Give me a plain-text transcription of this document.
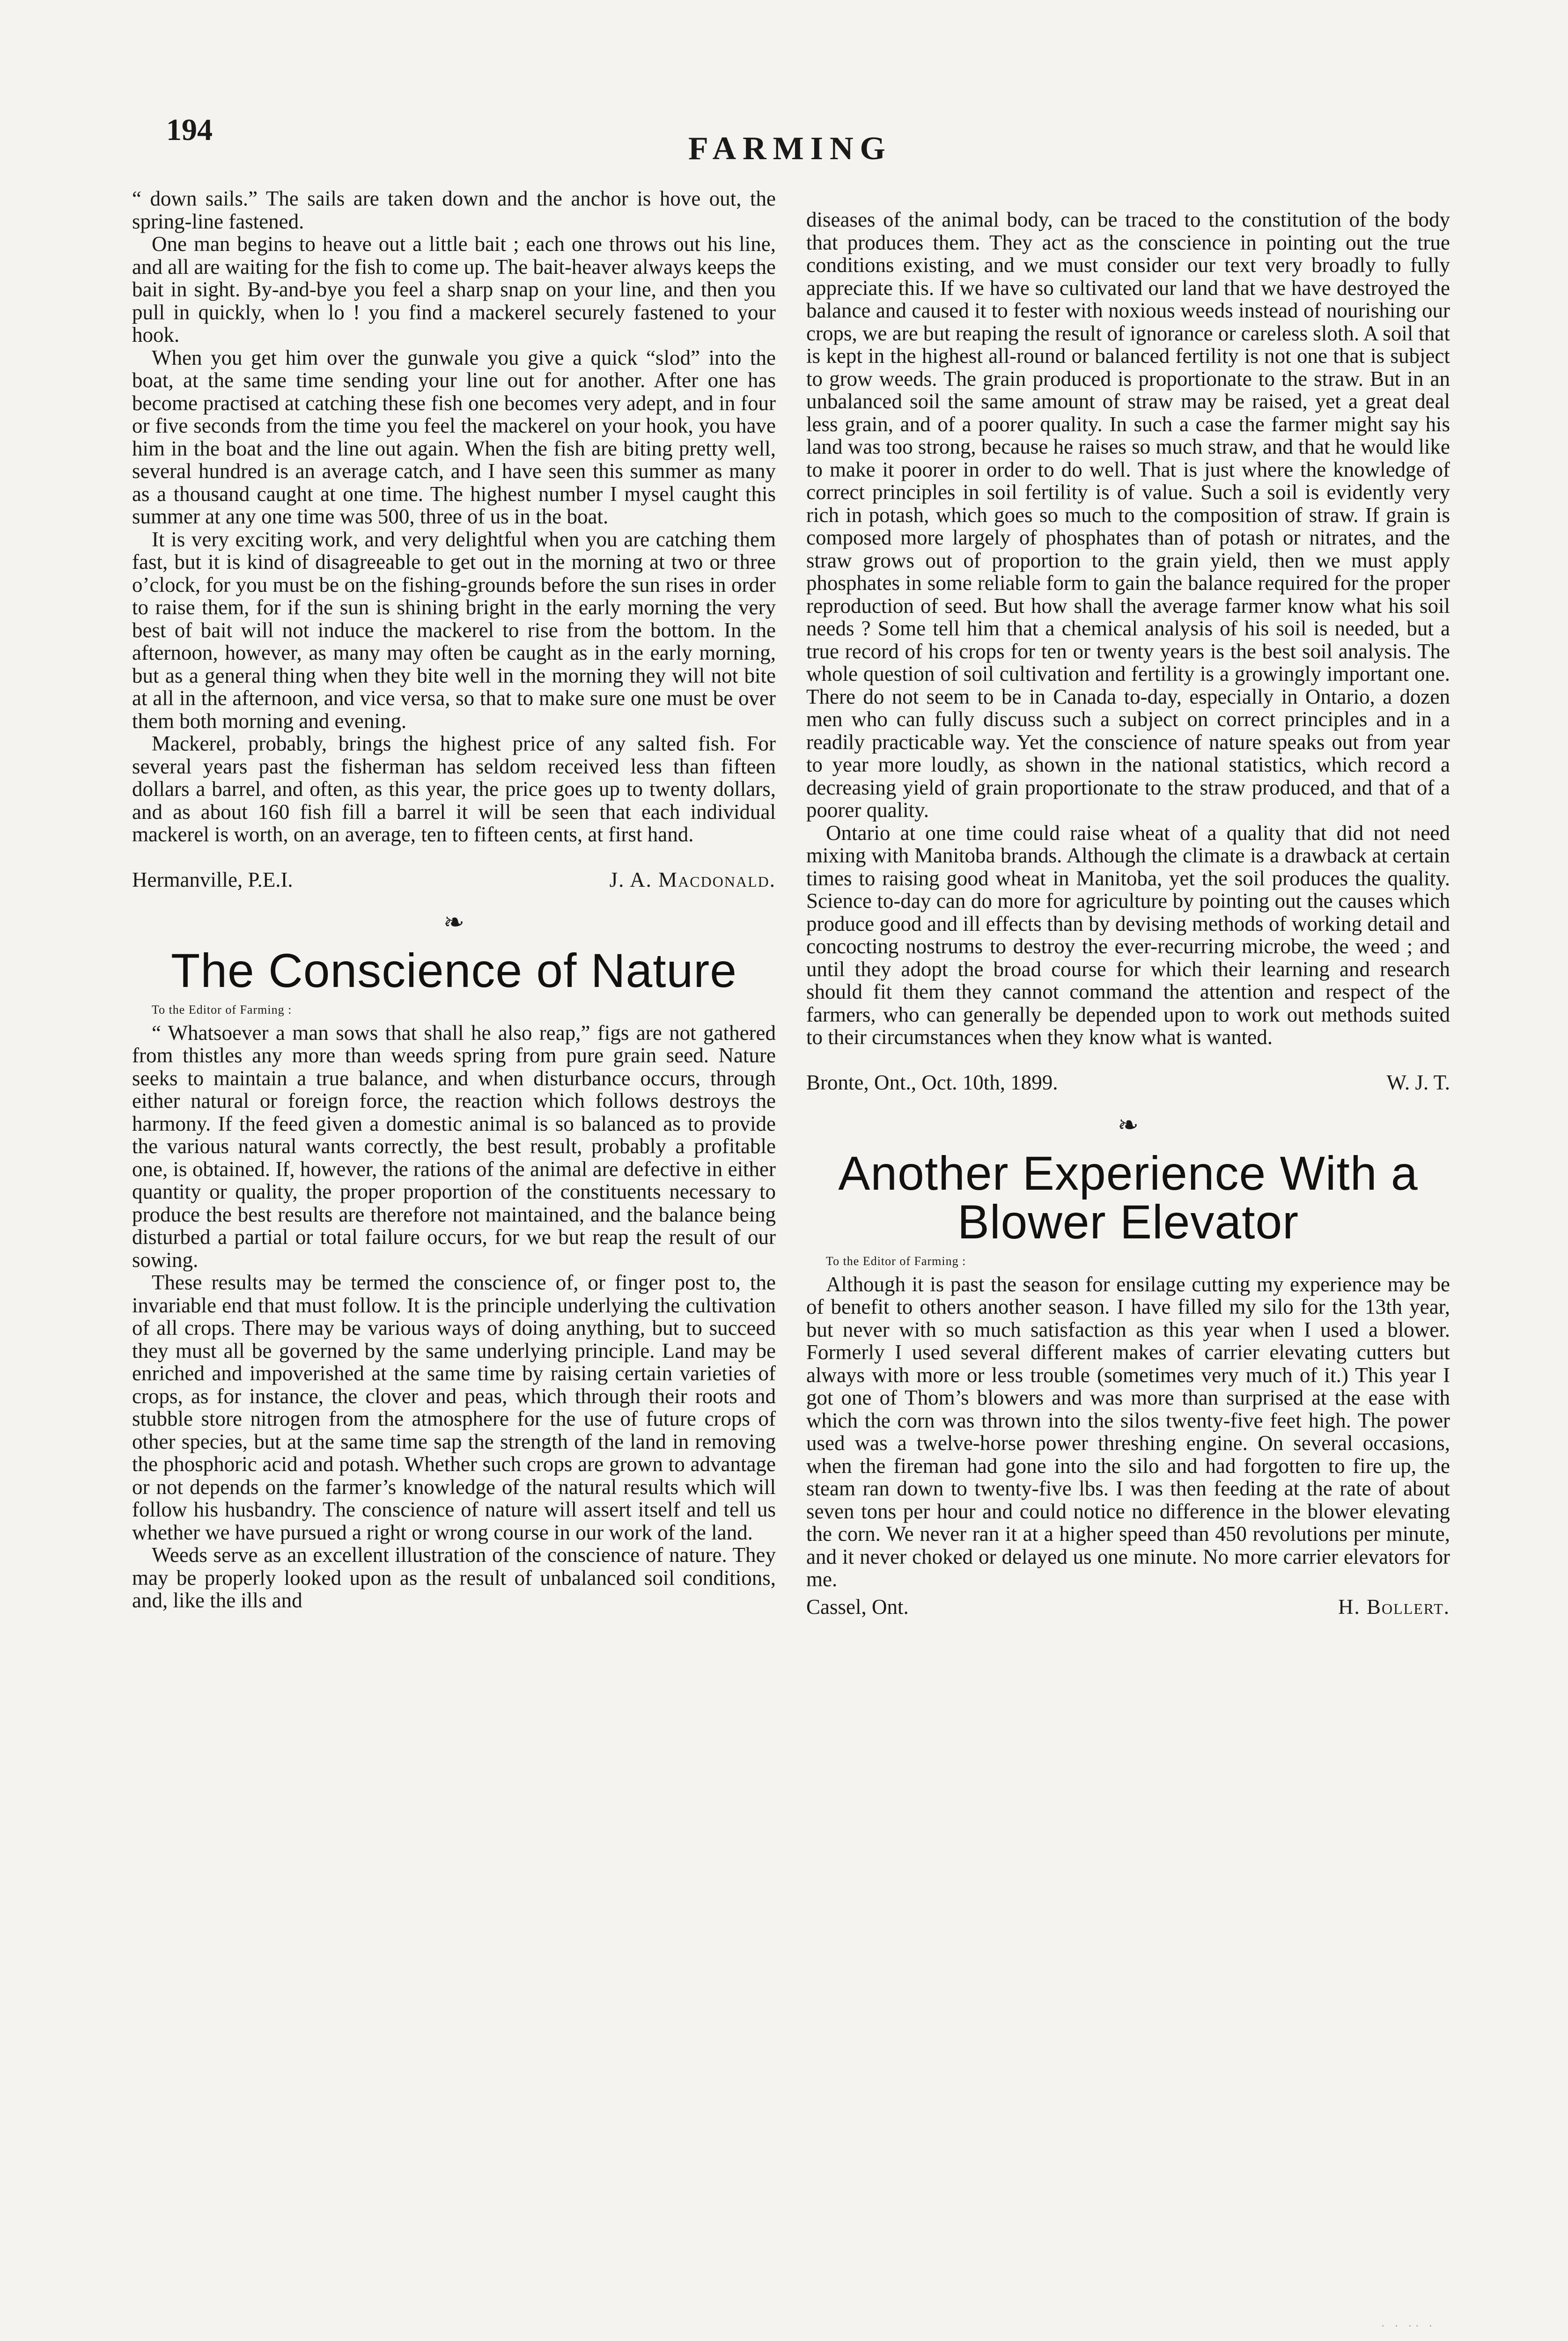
194
FARMING

“ down sails.” The sails are taken down and the anchor is hove out, the spring-line fastened.

One man begins to heave out a little bait ; each one throws out his line, and all are waiting for the fish to come up. The bait-heaver always keeps the bait in sight. By-and-bye you feel a sharp snap on your line, and then you pull in quickly, when lo ! you find a mackerel securely fastened to your hook.

When you get him over the gunwale you give a quick “slod” into the boat, at the same time sending your line out for another. After one has become practised at catching these fish one becomes very adept, and in four or five seconds from the time you feel the mackerel on your hook, you have him in the boat and the line out again. When the fish are biting pretty well, several hundred is an average catch, and I have seen this summer as many as a thousand caught at one time. The highest number I mysel caught this summer at any one time was 500, three of us in the boat.

It is very exciting work, and very delightful when you are catching them fast, but it is kind of disagreeable to get out in the morning at two or three o’clock, for you must be on the fishing-grounds before the sun rises in order to raise them, for if the sun is shining bright in the early morning the very best of bait will not induce the mackerel to rise from the bottom. In the afternoon, however, as many may often be caught as in the early morning, but as a general thing when they bite well in the morning they will not bite at all in the afternoon, and vice versa, so that to make sure one must be over them both morning and evening.

Mackerel, probably, brings the highest price of any salted fish. For several years past the fisherman has seldom received less than fifteen dollars a barrel, and often, as this year, the price goes up to twenty dollars, and as about 160 fish fill a barrel it will be seen that each individual mackerel is worth, on an average, ten to fifteen cents, at first hand.

Hermanville, P.E.I.	J. A. Macdonald.
❧
The Conscience of Nature

To the Editor of Farming :

“ Whatsoever a man sows that shall he also reap,” figs are not gathered from thistles any more than weeds spring from pure grain seed. Nature seeks to maintain a true balance, and when disturbance occurs, through either natural or foreign force, the reaction which follows destroys the harmony. If the feed given a domestic animal is so balanced as to provide the various natural wants correctly, the best result, probably a profitable one, is obtained. If, however, the rations of the animal are defective in either quantity or quality, the proper proportion of the constituents necessary to produce the best results are therefore not maintained, and the balance being disturbed a partial or total failure occurs, for we but reap the result of our sowing.

These results may be termed the conscience of, or finger post to, the invariable end that must follow. It is the principle underlying the cultivation of all crops. There may be various ways of doing anything, but to succeed they must all be governed by the same underlying principle. Land may be enriched and impoverished at the same time by raising certain varieties of crops, as for instance, the clover and peas, which through their roots and stubble store nitrogen from the atmosphere for the use of future crops of other species, but at the same time sap the strength of the land in removing the phosphoric acid and potash. Whether such crops are grown to advantage or not depends on the farmer’s knowledge of the natural results which will follow his husbandry. The conscience of nature will assert itself and tell us whether we have pursued a right or wrong course in our work of the land.

Weeds serve as an excellent illustration of the conscience of nature. They may be properly looked upon as the result of unbalanced soil conditions, and, like the ills and

diseases of the animal body, can be traced to the constitution of the body that produces them. They act as the conscience in pointing out the true conditions existing, and we must consider our text very broadly to fully appreciate this. If we have so cultivated our land that we have destroyed the balance and caused it to fester with noxious weeds instead of nourishing our crops, we are but reaping the result of ignorance or careless sloth. A soil that is kept in the highest all-round or balanced fertility is not one that is subject to grow weeds. The grain produced is proportionate to the straw. But in an unbalanced soil the same amount of straw may be raised, yet a great deal less grain, and of a poorer quality. In such a case the farmer might say his land was too strong, because he raises so much straw, and that he would like to make it poorer in order to do well. That is just where the knowledge of correct principles in soil fertility is of value. Such a soil is evidently very rich in potash, which goes so much to the composition of straw. If grain is composed more largely of phosphates than of potash or nitrates, and the straw grows out of proportion to the grain yield, then we must apply phosphates in some reliable form to gain the balance required for the proper reproduction of seed. But how shall the average farmer know what his soil needs ? Some tell him that a chemical analysis of his soil is needed, but a true record of his crops for ten or twenty years is the best soil analysis. The whole question of soil cultivation and fertility is a growingly important one. There do not seem to be in Canada to-day, especially in Ontario, a dozen men who can fully discuss such a subject on correct principles and in a readily practicable way. Yet the conscience of nature speaks out from year to year more loudly, as shown in the national statistics, which record a decreasing yield of grain proportionate to the straw produced, and that of a poorer quality.

Ontario at one time could raise wheat of a quality that did not need mixing with Manitoba brands. Although the climate is a drawback at certain times to raising good wheat in Manitoba, yet the soil produces the quality. Science to-day can do more for agriculture by pointing out the causes which produce good and ill effects than by devising methods of working detail and concocting nostrums to destroy the ever-recurring microbe, the weed ; and until they adopt the broad course for which their learning and research should fit them they cannot command the attention and respect of the farmers, who can generally be depended upon to work out methods suited to their circumstances when they know what is wanted.

Bronte, Ont., Oct. 10th, 1899.	W. J. T.
❧
Another Experience With a Blower Elevator

To the Editor of Farming :

Although it is past the season for ensilage cutting my experience may be of benefit to others another season. I have filled my silo for the 13th year, but never with so much satisfaction as this year when I used a blower. Formerly I used several different makes of carrier elevating cutters but always with more or less trouble (sometimes very much of it.) This year I got one of Thom’s blowers and was more than surprised at the ease with which the corn was thrown into the silos twenty-five feet high. The power used was a twelve-horse power threshing engine. On several occasions, when the fireman had gone into the silo and had forgotten to fire up, the steam ran down to twenty-five lbs. I was then feeding at the rate of about seven tons per hour and could notice no difference in the blower elevating the corn. We never ran it at a higher speed than 450 revolutions per minute, and it never choked or delayed us one minute. No more carrier elevators for me.

Cassel, Ont.	H. Bollert.
· · ·· ·
